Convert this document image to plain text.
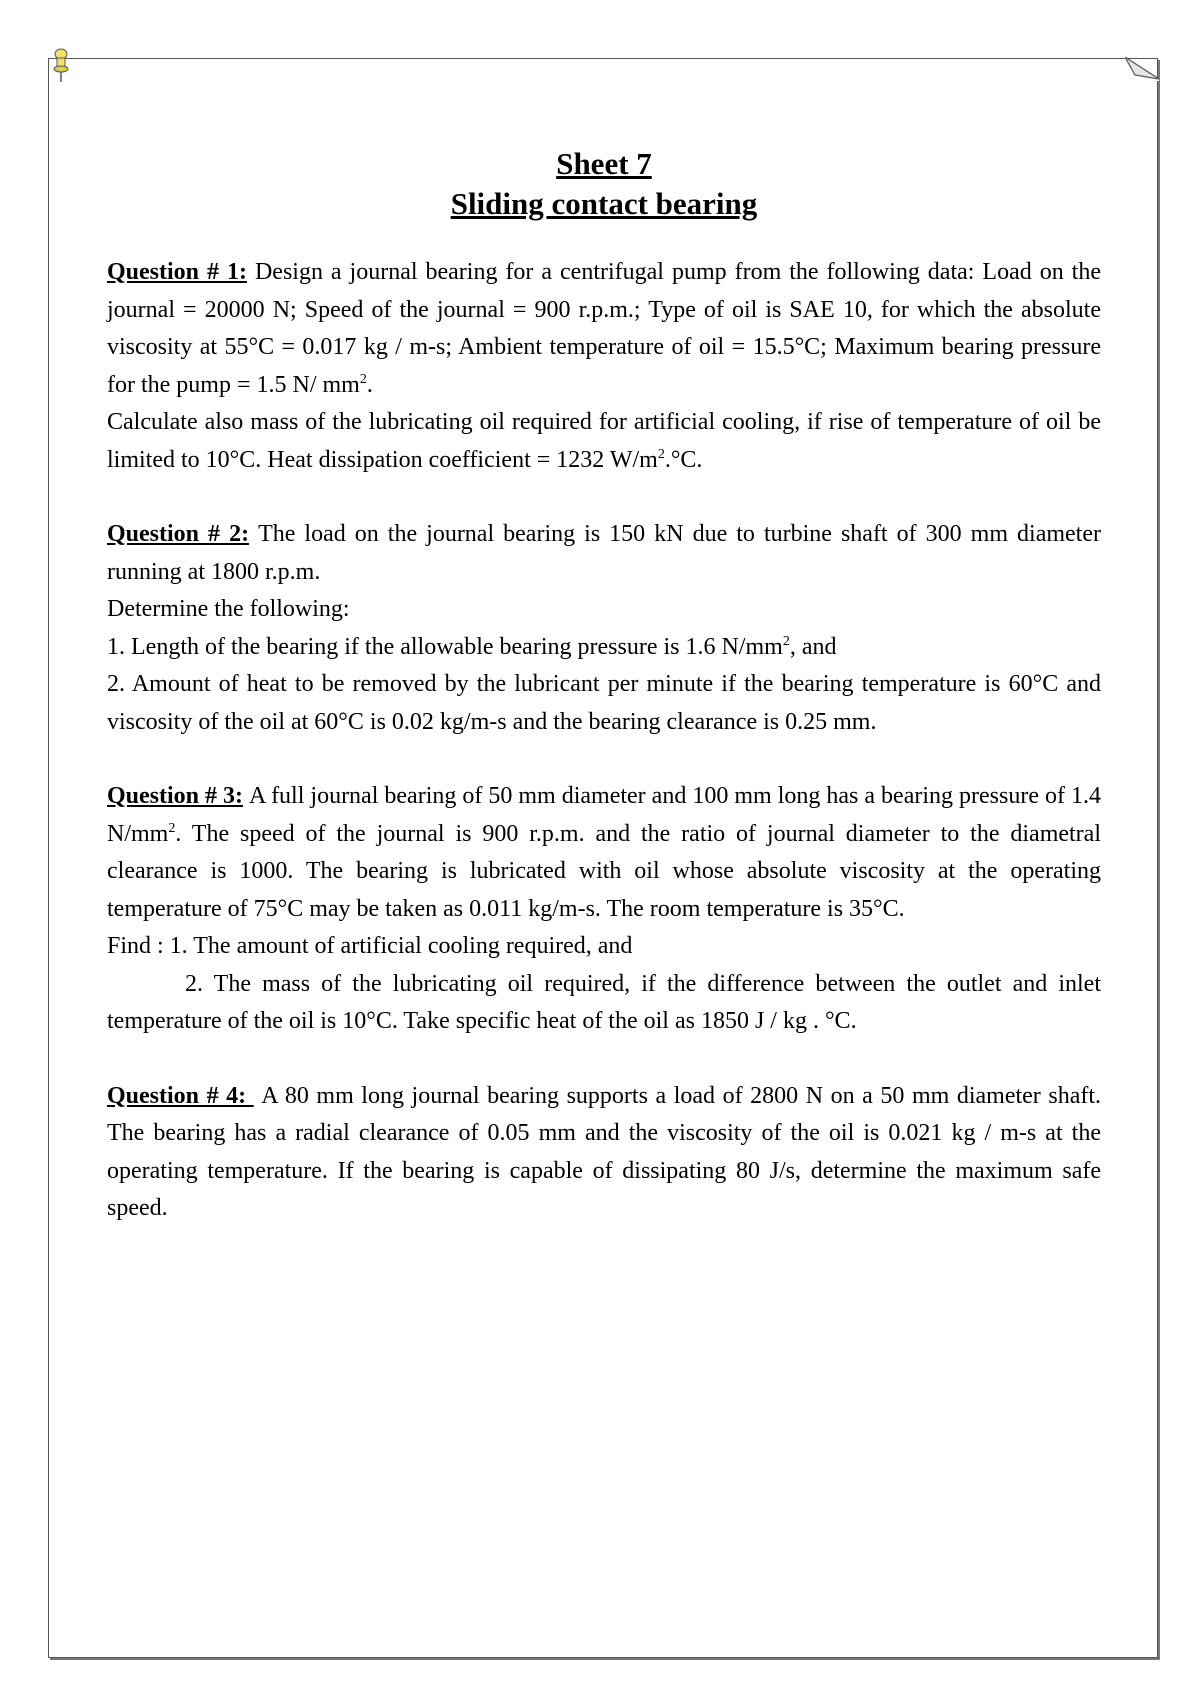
Sheet 7
Sliding contact bearing

Question # 1: Design a journal bearing for a centrifugal pump from the following data: Load on the journal = 20000 N; Speed of the journal = 900 r.p.m.; Type of oil is SAE 10, for which the absolute viscosity at 55°C = 0.017 kg / m-s; Ambient temperature of oil = 15.5°C; Maximum bearing pressure for the pump = 1.5 N/ $mm^2$.

Calculate also mass of the lubricating oil required for artificial cooling, if rise of temperature of oil be limited to 10°C. Heat dissipation coefficient = 1232 $W/m^2.^\circ C$.

Question # 2: The load on the journal bearing is 150 kN due to turbine shaft of 300 mm diameter running at 1800 r.p.m.

Determine the following:

1. Length of the bearing if the allowable bearing pressure is 1.6 $N/mm^2$, and

2. Amount of heat to be removed by the lubricant per minute if the bearing temperature is 60°C and viscosity of the oil at 60°C is 0.02 kg/m-s and the bearing clearance is 0.25 mm.

Question # 3: A full journal bearing of 50 mm diameter and 100 mm long has a bearing pressure of 1.4 $N/mm^2$. The speed of the journal is 900 r.p.m. and the ratio of journal diameter to the diametral clearance is 1000. The bearing is lubricated with oil whose absolute viscosity at the operating temperature of 75°C may be taken as 0.011 kg/m-s. The room temperature is 35°C.

Find : 1. The amount of artificial cooling required, and

2. The mass of the lubricating oil required, if the difference between the outlet and inlet temperature of the oil is 10°C. Take specific heat of the oil as 1850 J / kg . °C.

Question # 4:  A 80 mm long journal bearing supports a load of 2800 N on a 50 mm diameter shaft. The bearing has a radial clearance of 0.05 mm and the viscosity of the oil is 0.021 kg / m-s at the operating temperature. If the bearing is capable of dissipating 80 J/s, determine the maximum safe speed.
